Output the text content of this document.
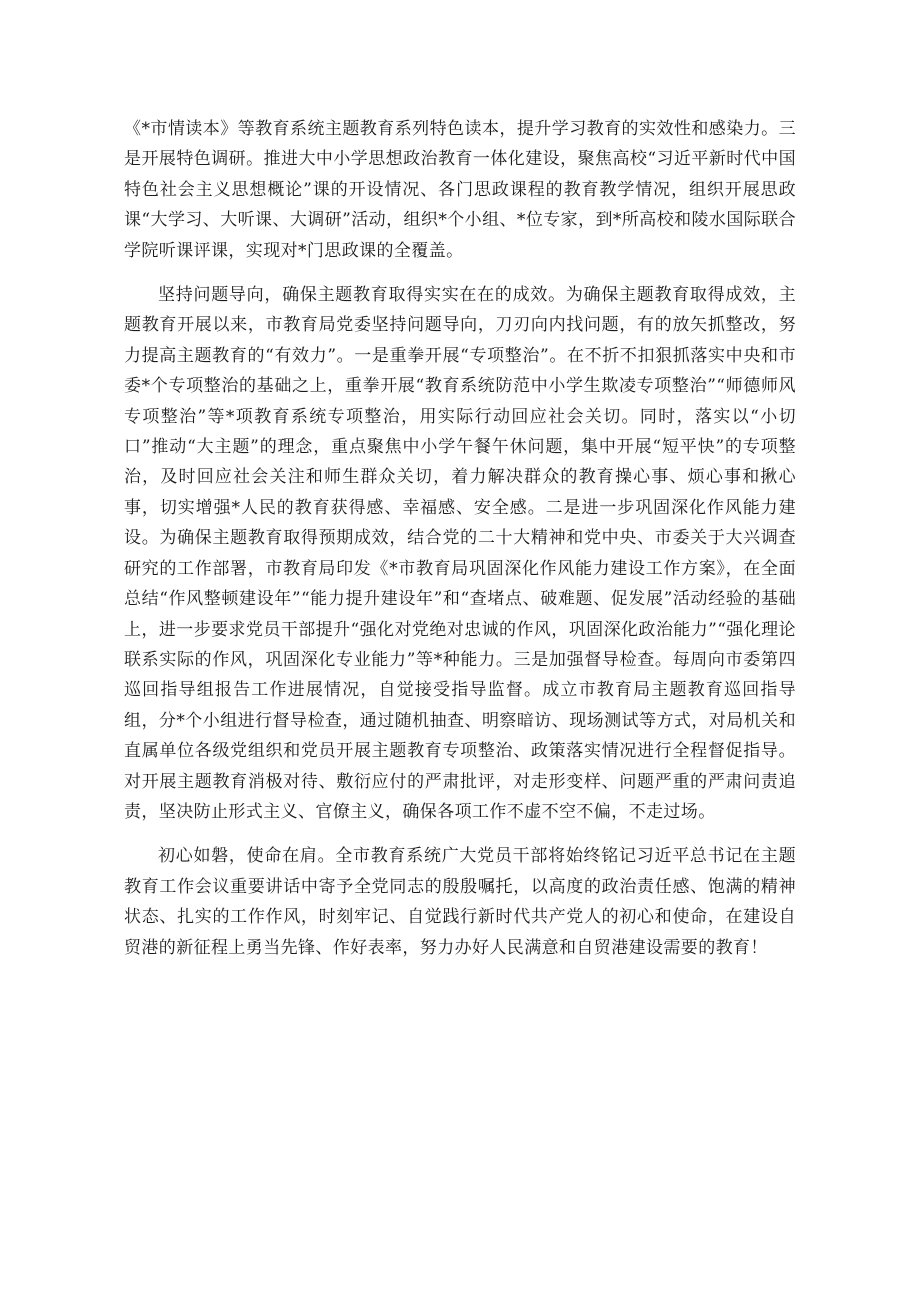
《*市情读本》等教育系统主题教育系列特色读本，提升学习教育的实效性和感染力。三是开展特色调研。推进大中小学思想政治教育一体化建设，聚焦高校“习近平新时代中国特色社会主义思想概论”课的开设情况、各门思政课程的教育教学情况，组织开展思政课“大学习、大听课、大调研”活动，组织*个小组、*位专家，到*所高校和陵水国际联合学院听课评课，实现对*门思政课的全覆盖。

坚持问题导向，确保主题教育取得实实在在的成效。为确保主题教育取得成效，主题教育开展以来，市教育局党委坚持问题导向，刀刃向内找问题，有的放矢抓整改，努力提高主题教育的“有效力”。一是重拳开展“专项整治”。在不折不扣狠抓落实中央和市委*个专项整治的基础之上，重拳开展“教育系统防范中小学生欺凌专项整治”“师德师风专项整治”等*项教育系统专项整治，用实际行动回应社会关切。同时，落实以“小切口”推动“大主题”的理念，重点聚焦中小学午餐午休问题，集中开展“短平快”的专项整治，及时回应社会关注和师生群众关切，着力解决群众的教育操心事、烦心事和揪心事，切实增强*人民的教育获得感、幸福感、安全感。二是进一步巩固深化作风能力建设。为确保主题教育取得预期成效，结合党的二十大精神和党中央、市委关于大兴调查研究的工作部署，市教育局印发《*市教育局巩固深化作风能力建设工作方案》，在全面总结“作风整顿建设年”“能力提升建设年”和“查堵点、破难题、促发展”活动经验的基础上，进一步要求党员干部提升“强化对党绝对忠诚的作风，巩固深化政治能力”“强化理论联系实际的作风，巩固深化专业能力”等*种能力。三是加强督导检查。每周向市委第四巡回指导组报告工作进展情况，自觉接受指导监督。成立市教育局主题教育巡回指导组，分*个小组进行督导检查，通过随机抽查、明察暗访、现场测试等方式，对局机关和直属单位各级党组织和党员开展主题教育专项整治、政策落实情况进行全程督促指导。对开展主题教育消极对待、敷衍应付的严肃批评，对走形变样、问题严重的严肃问责追责，坚决防止形式主义、官僚主义，确保各项工作不虚不空不偏，不走过场。

初心如磐，使命在肩。全市教育系统广大党员干部将始终铭记习近平总书记在主题教育工作会议重要讲话中寄予全党同志的殷殷嘱托，以高度的政治责任感、饱满的精神状态、扎实的工作作风，时刻牢记、自觉践行新时代共产党人的初心和使命，在建设自贸港的新征程上勇当先锋、作好表率，努力办好人民满意和自贸港建设需要的教育！
